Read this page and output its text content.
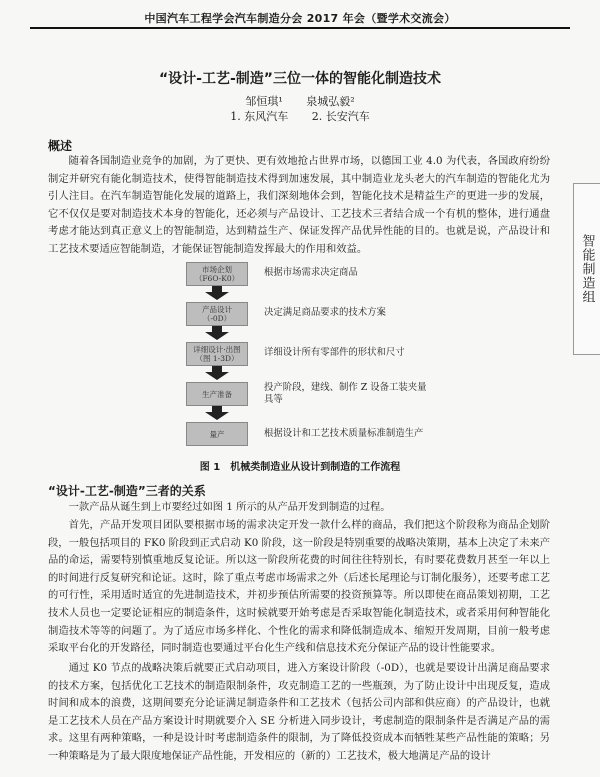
中国汽车工程学会汽车制造分会 2017 年会（暨学术交流会）
智能制造组
“设计-工艺-制造”三位一体的智能化制造技术
邹恒琪¹ 泉城弘毅²
1. 东风汽车 2. 长安汽车
概述
随着各国制造业竞争的加剧，为了更快、更有效地抢占世界市场，以德国工业 4.0 为代表，各国政府纷纷制定并研究有能化制造技术，使得智能制造技术得到加速发展，其中制造业龙头老大的汽车制造的智能化尤为引人注目。在汽车制造智能化发展的道路上，我们深刻地体会到，智能化技术是精益生产的更进一步的发展，它不仅仅是要对制造技术本身的智能化，还必须与产品设计、工艺技术三者结合成一个有机的整体，进行通盘考虑才能达到真正意义上的智能制造，达到精益生产、保证发挥产品优异性能的目的。也就是说，产品设计和工艺技术要适应智能制造，才能保证智能制造发挥最大的作用和效益。
市场企划
（F6O-K0）
根据市场需求决定商品
产品设计
（-0D）
决定满足商品要求的技术方案
详细设计·出图
（图 1-3D）
详细设计所有零部件的形状和尺寸
生产准备
投产阶段，建线、制作 Z 设备工装夹量具等
量产	根据设计和工艺技术质量标准制造生产
图 1　机械类制造业从设计到制造的工作流程
“设计-工艺-制造”三者的关系
一款产品从诞生到上市要经过如图 1 所示的从产品开发到制造的过程。
首先，产品开发项目团队要根据市场的需求决定开发一款什么样的商品，我们把这个阶段称为商品企划阶段，一般包括项目的 FK0 阶段到正式启动 K0 阶段，这一阶段是特别重要的战略决策期，基本上决定了未来产品的命运，需要特别慎重地反复论证。所以这一阶段所花费的时间往往特别长，有时要花费数月甚至一年以上的时间进行反复研究和论证。这时，除了重点考虑市场需求之外（后述长尾理论与订制化服务），还要考虑工艺的可行性，采用适时适宜的先进制造技术，并初步预估所需要的投资预算等。所以即使在商品策划初期，工艺技术人员也一定要论证相应的制造条件，这时候就要开始考虑是否采取智能化制造技术，或者采用何种智能化制造技术等等的问题了。为了适应市场多样化、个性化的需求和降低制造成本、缩短开发周期，目前一般考虑采取平台化的开发路径，同时制造也要通过平台化生产线和信息技术充分保证产品的设计性能要求。
通过 K0 节点的战略决策后就要正式启动项目，进入方案设计阶段（-0D），也就是要设计出满足商品要求的技术方案，包括优化工艺技术的制造限制条件，攻克制造工艺的一些瓶颈，为了防止设计中出现反复，造成时间和成本的浪费，这期间要充分论证满足制造条件和工艺技术（包括公司内部和供应商）的产品设计，也就是工艺技术人员在产品方案设计时期就要介入 SE 分析进入同步设计，考虑制造的限制条件是否满足产品的需求。这里有两种策略，一种是设计时考虑制造条件的限制，为了降低投资成本而牺牲某些产品性能的策略；另一种策略是为了最大限度地保证产品性能，开发相应的（新的）工艺技术，极大地满足产品的设计
